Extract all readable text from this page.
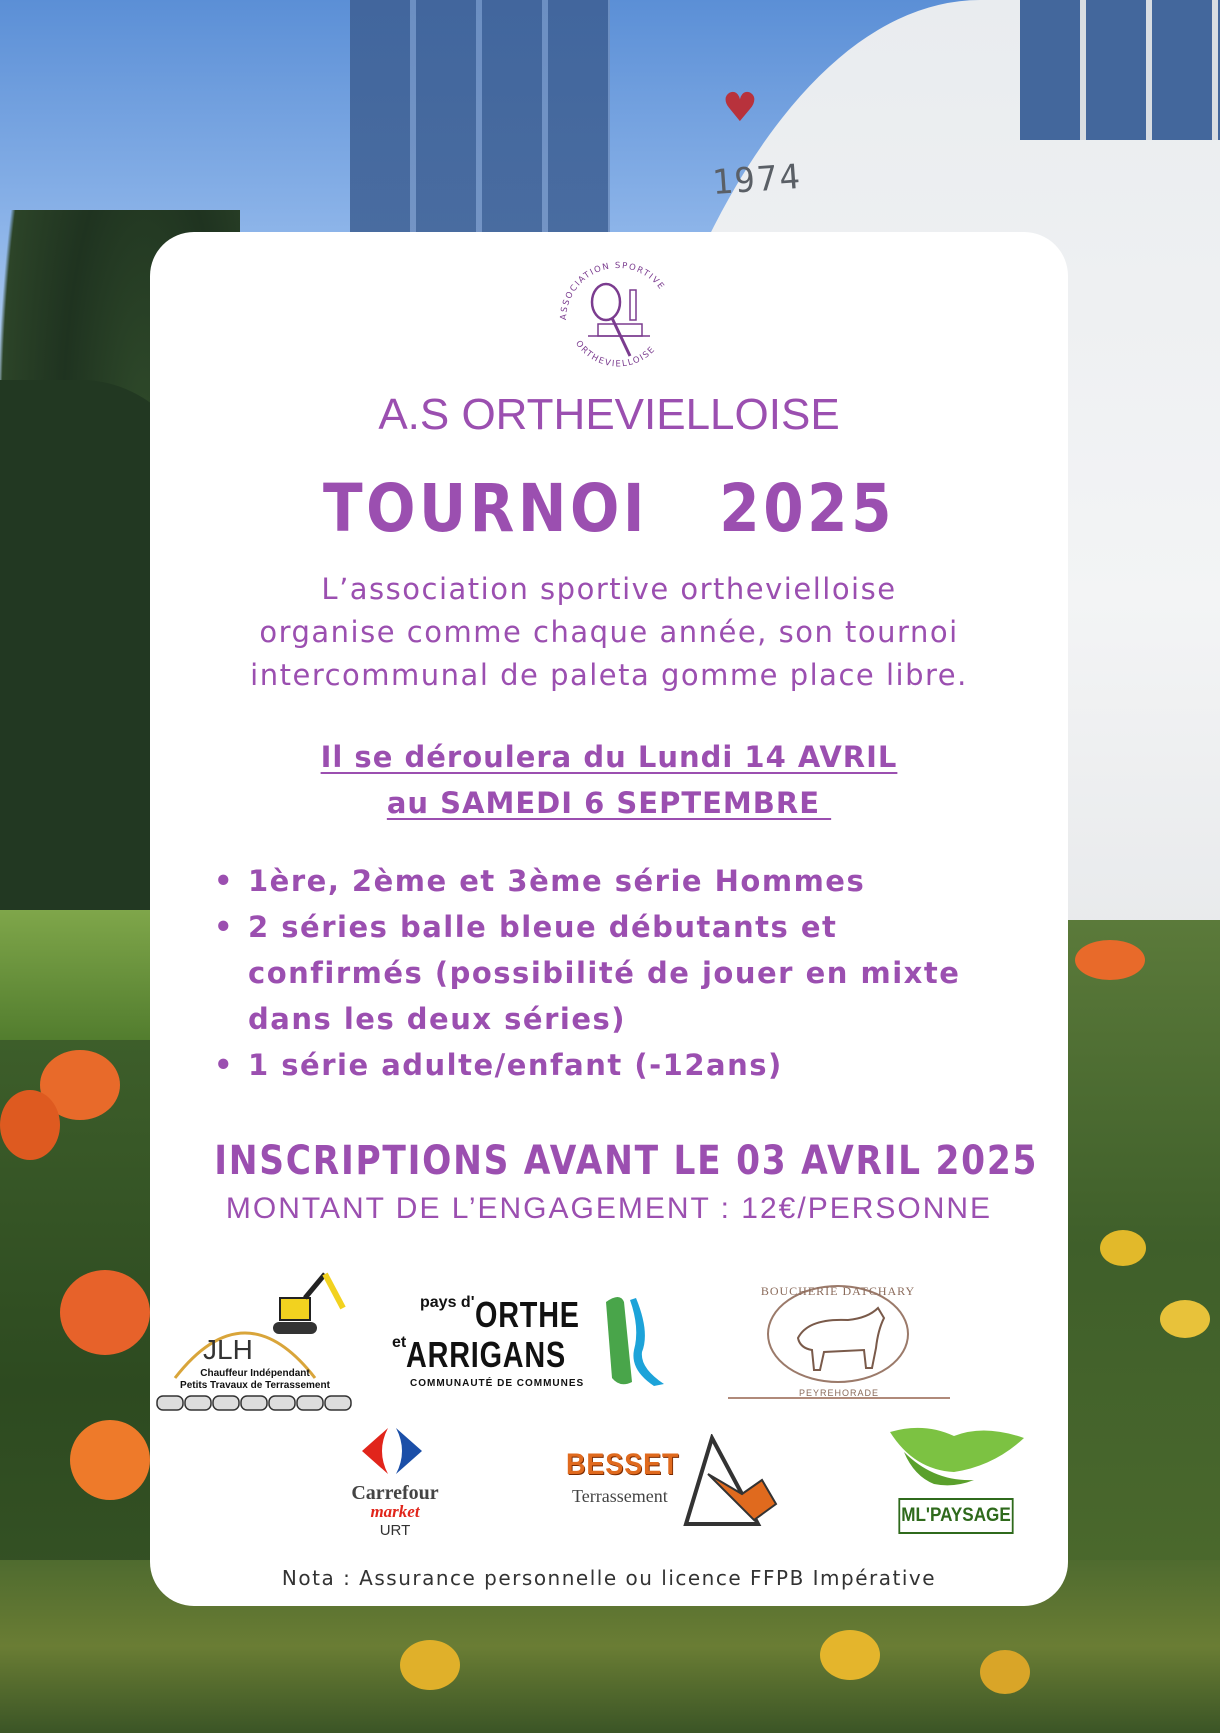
♥
1974
ASSOCIATION SPORTIVE
ORTHEVIELLOISE
A.S ORTHEVIELLOISE
TOURNOI   2025
L’association sportive orthevielloise
organise comme chaque année, son tournoi
intercommunal de paleta gomme place libre.
Il se déroulera du Lundi 14 AVRIL
au SAMEDI 6 SEPTEMBRE
• 1ère, 2ème et 3ème série Hommes
• 2 séries balle bleue débutants et confirmés (possibilité de jouer en mixte dans les deux séries)
• 1 série adulte/enfant (-12ans)
INSCRIPTIONS AVANT LE 03 AVRIL 2025
MONTANT DE L’ENGAGEMENT : 12€/PERSONNE
JLH
Chauffeur Indépendant
Petits Travaux de Terrassement
pays d'ORTHE
etARRIGANS
COMMUNAUTÉ DE COMMUNES
BOUCHERIE DATCHARY
PEYREHORADE
Carrefour
market
URT
BESSET
Terrassement
ML'PAYSAGE
Nota : Assurance personnelle ou licence FFPB Impérative
